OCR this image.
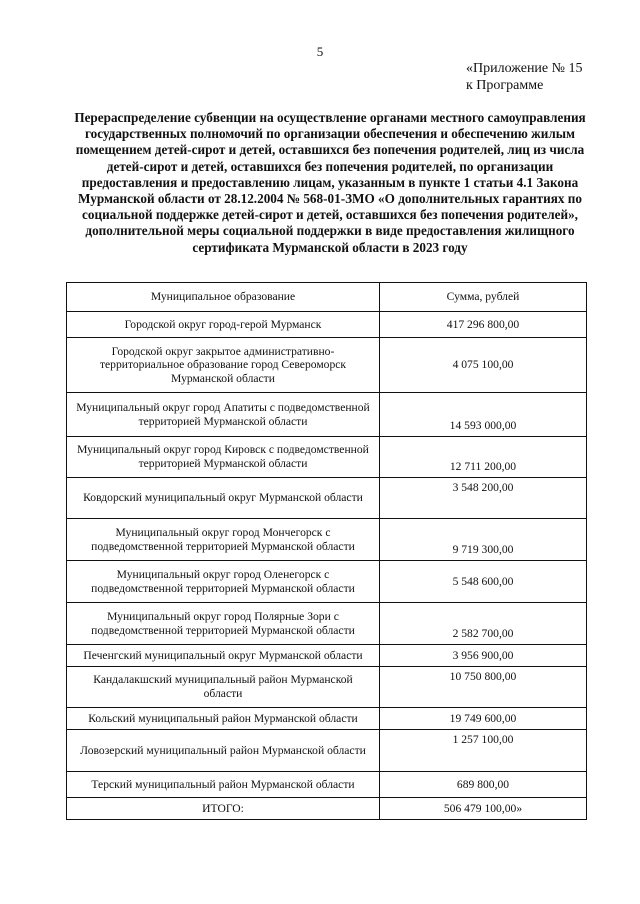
5
«Приложение № 15
к Программе
Перераспределение субвенции на осуществление органами местного самоуправления государственных полномочий по организации обеспечения и обеспечению жилым помещением детей-сирот и детей, оставшихся без попечения родителей, лиц из числа детей-сирот и детей, оставшихся без попечения родителей, по организации предоставления и предоставлению лицам, указанным в пункте 1 статьи 4.1 Закона Мурманской области от 28.12.2004 № 568-01-ЗМО «О дополнительных гарантиях по социальной поддержке детей-сирот и детей, оставшихся без попечения родителей», дополнительной меры социальной поддержки в виде предоставления жилищного сертификата Мурманской области в 2023 году
Муниципальное образование	Сумма, рублей
Городской округ город-герой Мурманск	417 296 800,00
Городской округ закрытое административно-территориальное образование город Североморск Мурманской области	4 075 100,00
Муниципальный округ город Апатиты с подведомственной территорией Мурманской области	14 593 000,00
Муниципальный округ город Кировск с подведомственной территорией Мурманской области	12 711 200,00
Ковдорский муниципальный округ Мурманской области	3 548 200,00
Муниципальный округ город Мончегорск с подведомственной территорией Мурманской области	9 719 300,00
Муниципальный округ город Оленегорск с подведомственной территорией Мурманской области	5 548 600,00
Муниципальный округ город Полярные Зори с подведомственной территорией Мурманской области	2 582 700,00
Печенгский муниципальный округ Мурманской области	3 956 900,00
Кандалакшский муниципальный район Мурманской области	10 750 800,00
Кольский муниципальный район Мурманской области	19 749 600,00
Ловозерский муниципальный район Мурманской области	1 257 100,00
Терский муниципальный район Мурманской области	689 800,00
ИТОГО:	506 479 100,00»
